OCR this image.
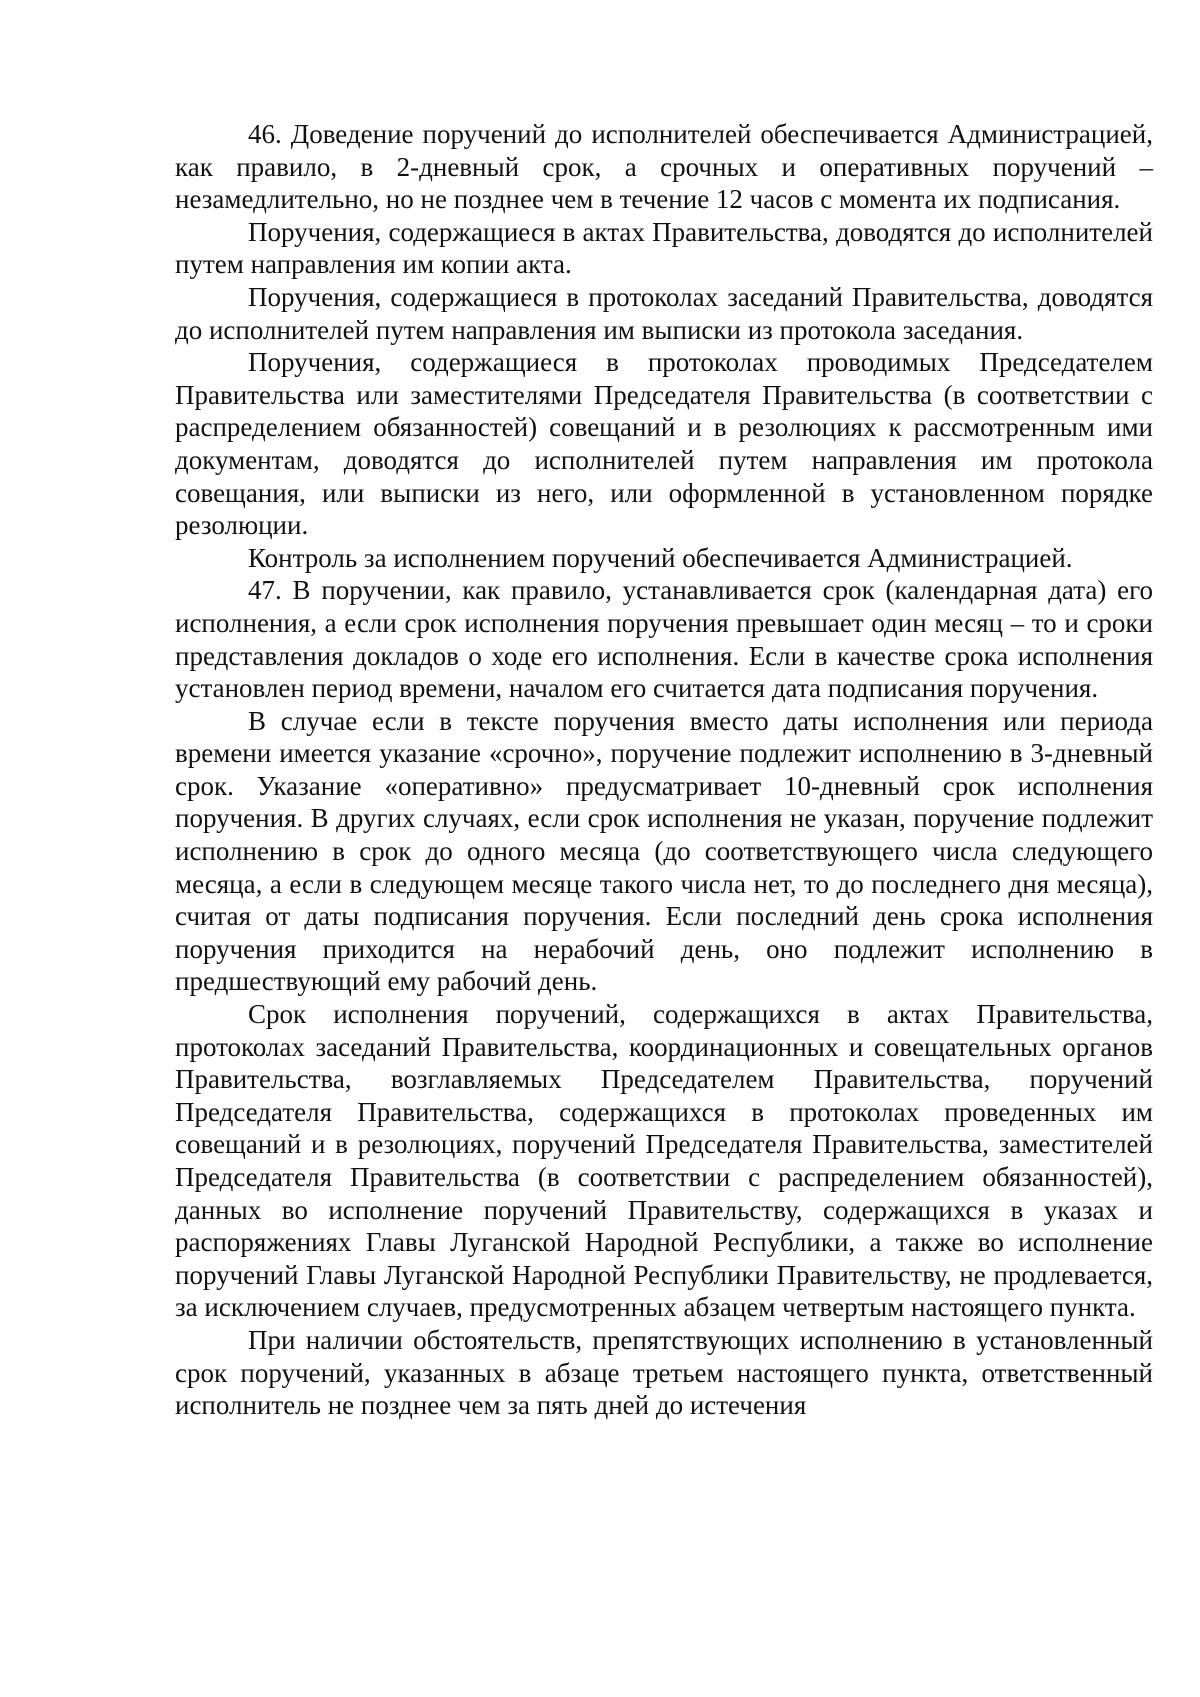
46. Доведение поручений до исполнителей обеспечивается Администрацией, как правило, в 2-дневный срок, а срочных и оперативных поручений – незамедлительно, но не позднее чем в течение 12 часов с момента их подписания.

Поручения, содержащиеся в актах Правительства, доводятся до исполнителей путем направления им копии акта.

Поручения, содержащиеся в протоколах заседаний Правительства, доводятся до исполнителей путем направления им выписки из протокола заседания.

Поручения, содержащиеся в протоколах проводимых Председателем Правительства или заместителями Председателя Правительства (в соответствии с распределением обязанностей) совещаний и в резолюциях к рассмотренным ими документам, доводятся до исполнителей путем направления им протокола совещания, или выписки из него, или оформленной в установленном порядке резолюции.

Контроль за исполнением поручений обеспечивается Администрацией.

47. В поручении, как правило, устанавливается срок (календарная дата) его исполнения, а если срок исполнения поручения превышает один месяц – то и сроки представления докладов о ходе его исполнения. Если в качестве срока исполнения установлен период времени, началом его считается дата подписания поручения.

В случае если в тексте поручения вместо даты исполнения или периода времени имеется указание «срочно», поручение подлежит исполнению в 3-дневный срок. Указание «оперативно» предусматривает 10-дневный срок исполнения поручения. В других случаях, если срок исполнения не указан, поручение подлежит исполнению в срок до одного месяца (до соответствующего числа следующего месяца, а если в следующем месяце такого числа нет, то до последнего дня месяца), считая от даты подписания поручения. Если последний день срока исполнения поручения приходится на нерабочий день, оно подлежит исполнению в предшествующий ему рабочий день.

Срок исполнения поручений, содержащихся в актах Правительства, протоколах заседаний Правительства, координационных и совещательных органов Правительства, возглавляемых Председателем Правительства, поручений Председателя Правительства, содержащихся в протоколах проведенных им совещаний и в резолюциях, поручений Председателя Правительства, заместителей Председателя Правительства (в соответствии с распределением обязанностей), данных во исполнение поручений Правительству, содержащихся в указах и распоряжениях Главы Луганской Народной Республики, а также во исполнение поручений Главы Луганской Народной Республики Правительству, не продлевается, за исключением случаев, предусмотренных абзацем четвертым настоящего пункта.

При наличии обстоятельств, препятствующих исполнению в установленный срок поручений, указанных в абзаце третьем настоящего пункта, ответственный исполнитель не позднее чем за пять дней до истечения
